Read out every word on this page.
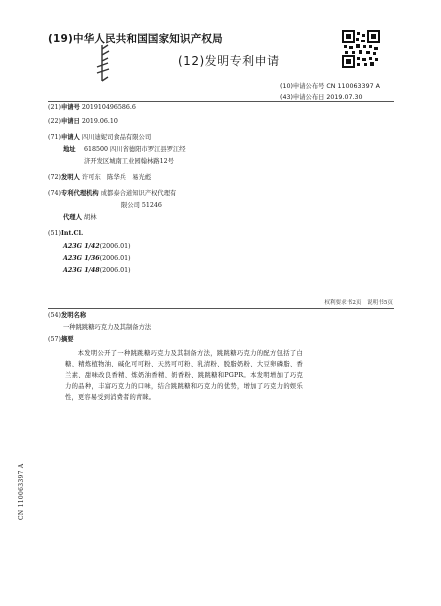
(19)中华人民共和国国家知识产权局
(12)发明专利申请
(10)申请公布号 CN 110063397 A
(43)申请公布日 2019.07.30
(21)申请号 201910496586.6
(22)申请日 2019.06.10
(71)申请人 四川迪妮司食品有限公司
地址 618500 四川省德阳市罗江县罗江经
济开发区城南工业园翰林路12号
(72)发明人 许可东　陈华兵　易光彪
(74)专利代理机构 成都泰合道知识产权代理有
限公司 51246
代理人 胡林
(51)Int.Cl.
A23G 1/42(2006.01)
A23G 1/36(2006.01)
A23G 1/48(2006.01)
权利要求书2页　说明书5页
(54)发明名称
一种跳跳糖巧克力及其制备方法
(57)摘要
本发明公开了一种跳跳糖巧克力及其制备方法，跳跳糖巧克力的配方包括了白糖、精炼植物油、碱化可可粉、天然可可粉、乳清粉、脱脂奶粉、大豆卵磷脂、香兰素、甜味改良香精、炼奶油香精、奶香粉、跳跳糖和PGPR。本发明增加了巧克力的品种，丰富巧克力的口味，结合跳跳糖和巧克力的优势，增加了巧克力的娱乐性，更容易受到消费者的青睐。
CN 110063397 A
